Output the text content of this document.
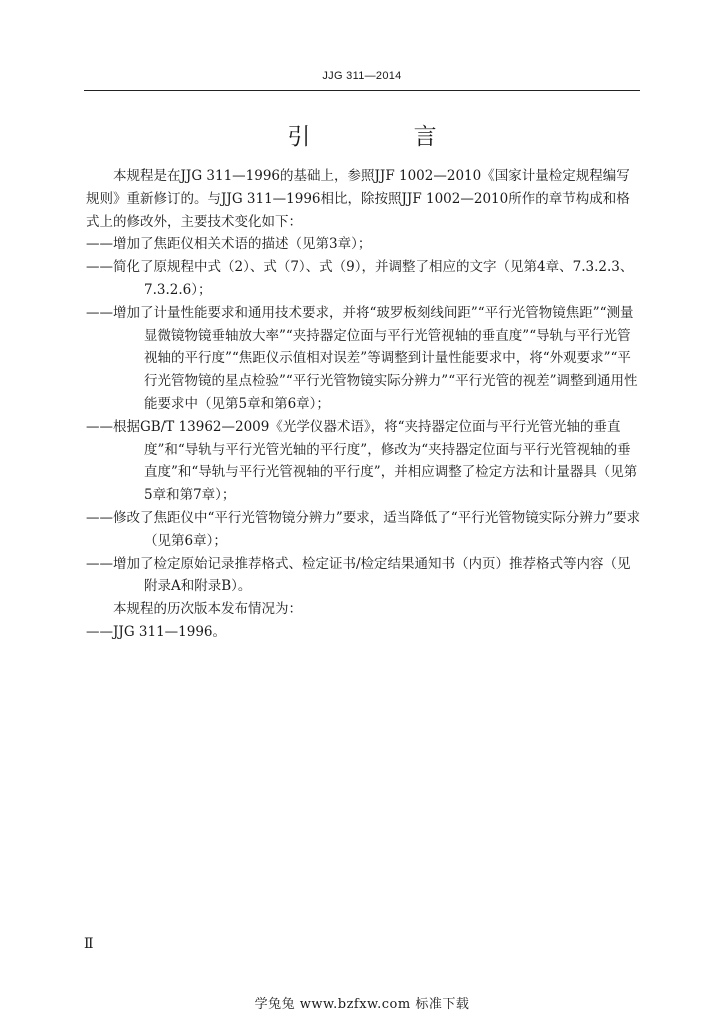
JJG 311—2014
引 言

本规程是在JJG 311—1996的基础上，参照JJF 1002—2010《国家计量检定规程编写规则》重新修订的。与JJG 311—1996相比，除按照JJF 1002—2010所作的章节构成和格式上的修改外，主要技术变化如下：

——增加了焦距仪相关术语的描述（见第3章）；

——简化了原规程中式（2）、式（7）、式（9），并调整了相应的文字（见第4章、7.3.2.3、7.3.2.6）；

——增加了计量性能要求和通用技术要求，并将“玻罗板刻线间距”“平行光管物镜焦距”“测量显微镜物镜垂轴放大率”“夹持器定位面与平行光管视轴的垂直度”“导轨与平行光管视轴的平行度”“焦距仪示值相对误差”等调整到计量性能要求中，将“外观要求”“平行光管物镜的星点检验”“平行光管物镜实际分辨力”“平行光管的视差”调整到通用性能要求中（见第5章和第6章）；

——根据GB/T 13962—2009《光学仪器术语》，将“夹持器定位面与平行光管光轴的垂直度”和“导轨与平行光管光轴的平行度”，修改为“夹持器定位面与平行光管视轴的垂直度”和“导轨与平行光管视轴的平行度”，并相应调整了检定方法和计量器具（见第5章和第7章）；

——修改了焦距仪中“平行光管物镜分辨力”要求，适当降低了“平行光管物镜实际分辨力”要求（见第6章）；

——增加了检定原始记录推荐格式、检定证书/检定结果通知书（内页）推荐格式等内容（见附录A和附录B）。

本规程的历次版本发布情况为：

——JJG 311—1996。

Ⅱ
学兔兔 www.bzfxw.com 标准下载
